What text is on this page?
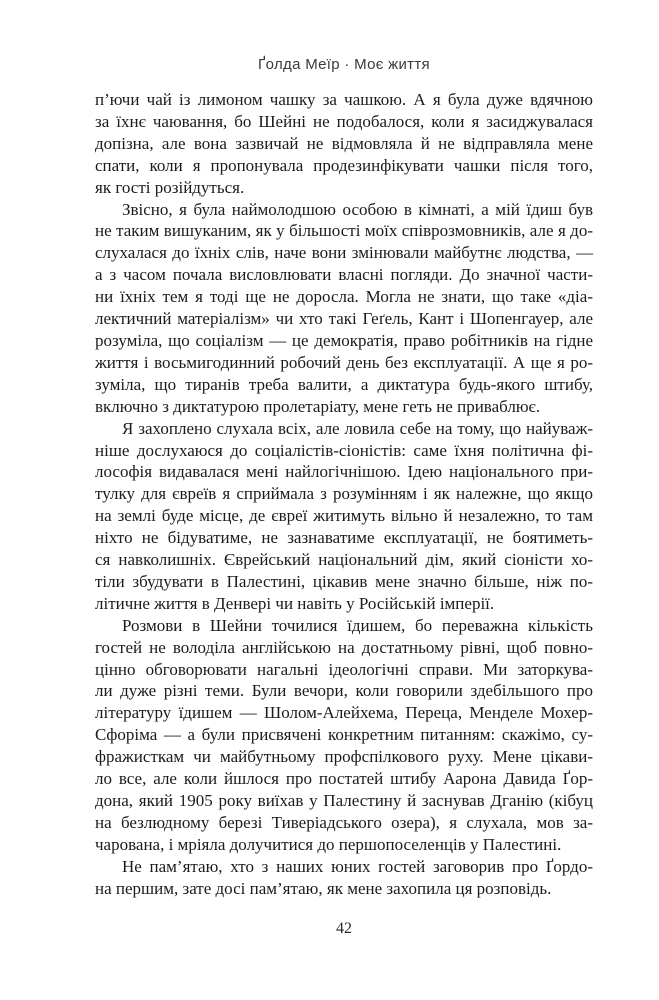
Ґолда Меїр · Моє життя
п’ючи чай із лимоном чашку за чашкою. А я була дуже вдячною
за їхнє чаювання, бо Шейні не подобалося, коли я засиджувалася
допізна, але вона зазвичай не відмовляла й не відправляла мене
спати, коли я пропонувала продезинфікувати чашки після того,
як гості розійдуться.
Звісно, я була наймолодшою особою в кімнаті, а мій їдиш був
не таким вишуканим, як у більшості моїх співрозмовників, але я до-
слухалася до їхніх слів, наче вони змінювали майбутнє людства, —
а з часом почала висловлювати власні погляди. До значної части-
ни їхніх тем я тоді ще не доросла. Могла не знати, що таке «діа-
лектичний матеріалізм» чи хто такі Геґель, Кант і Шопенгауер, але
розуміла, що соціалізм — це демократія, право робітників на гідне
життя і восьмигодинний робочий день без експлуатації. А ще я ро-
зуміла, що тиранів треба валити, а диктатура будь-якого штибу,
включно з диктатурою пролетаріату, мене геть не приваблює.
Я захоплено слухала всіх, але ловила себе на тому, що найуваж-
ніше дослухаюся до соціалістів-сіоністів: саме їхня політична фі-
лософія видавалася мені найлогічнішою. Ідею національного при-
тулку для євреїв я сприймала з розумінням і як належне, що якщо
на землі буде місце, де євреї житимуть вільно й незалежно, то там
ніхто не бідуватиме, не зазнаватиме експлуатації, не боятиметь-
ся навколишніх. Єврейський національний дім, який сіоністи хо-
тіли збудувати в Палестині, цікавив мене значно більше, ніж по-
літичне життя в Денвері чи навіть у Російській імперії.
Розмови в Шейни точилися їдишем, бо переважна кількість
гостей не володіла англійською на достатньому рівні, щоб повно-
цінно обговорювати нагальні ідеологічні справи. Ми заторкува-
ли дуже різні теми. Були вечори, коли говорили здебільшого про
літературу їдишем — Шолом-Алейхема, Переца, Менделе Мохер-
Сфоріма — а були присвячені конкретним питанням: скажімо, су-
фражисткам чи майбутньому профспілкового руху. Мене цікави-
ло все, але коли йшлося про постатей штибу Аарона Давида Ґор-
дона, який 1905 року виїхав у Палестину й заснував Дганію (кібуц
на безлюдному березі Тиверіадського озера), я слухала, мов за-
чарована, і мріяла долучитися до першопоселенців у Палестині.
Не пам’ятаю, хто з наших юних гостей заговорив про Ґордо-
на першим, зате досі пам’ятаю, як мене захопила ця розповідь.
42
